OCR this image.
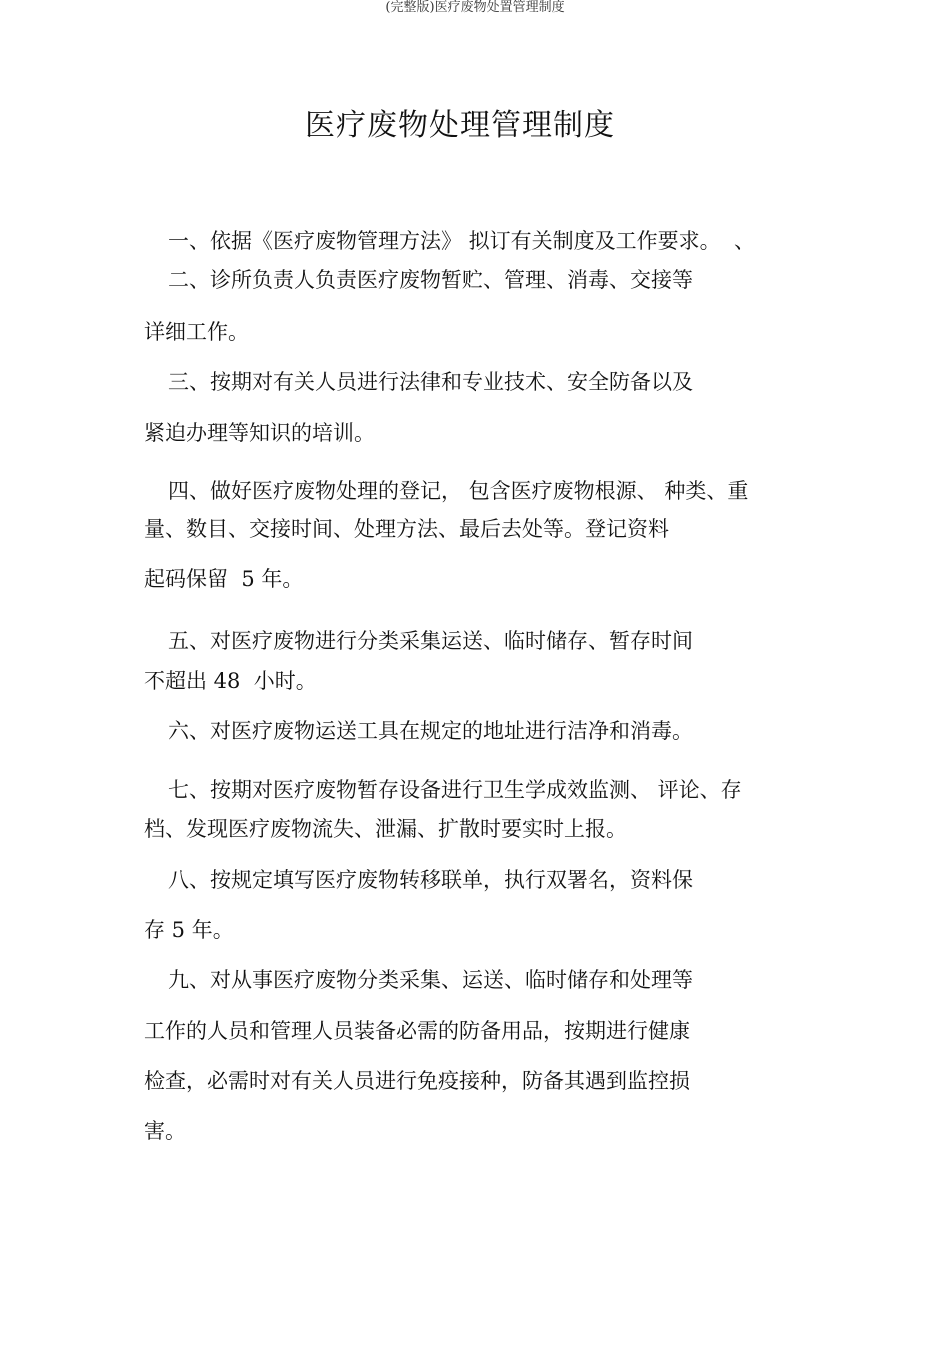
(完整版)医疗废物处置管理制度
医疗废物处理管理制度

一、依据《医疗废物管理方法》 拟订有关制度及工作要求。  、

二、诊所负责人负责医疗废物暂贮、管理、消毒、交接等

详细工作。

三、按期对有关人员进行法律和专业技术、安全防备以及

紧迫办理等知识的培训。

四、做好医疗废物处理的登记， 包含医疗废物根源、 种类、重

量、数目、交接时间、处理方法、最后去处等。登记资料

起码保留  5 年。

五、对医疗废物进行分类采集运送、临时储存、暂存时间

不超出 48  小时。

六、对医疗废物运送工具在规定的地址进行洁净和消毒。

七、按期对医疗废物暂存设备进行卫生学成效监测、 评论、存

档、发现医疗废物流失、泄漏、扩散时要实时上报。

八、按规定填写医疗废物转移联单，执行双署名，资料保

存 5 年。

九、对从事医疗废物分类采集、运送、临时储存和处理等

工作的人员和管理人员装备必需的防备用品，按期进行健康

检查，必需时对有关人员进行免疫接种，防备其遇到监控损

害。
